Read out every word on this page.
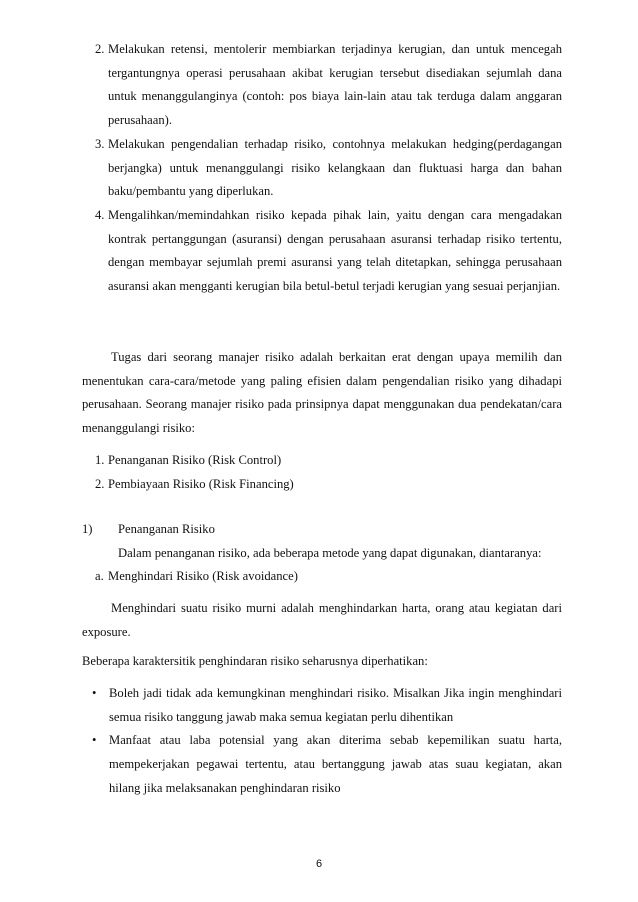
2. Melakukan retensi, mentolerir membiarkan terjadinya kerugian, dan untuk mencegah tergantungnya operasi perusahaan akibat kerugian tersebut disediakan sejumlah dana untuk menanggulanginya (contoh: pos biaya lain-lain atau tak terduga dalam anggaran perusahaan).
3. Melakukan pengendalian terhadap risiko, contohnya melakukan hedging(perdagangan berjangka) untuk menanggulangi risiko kelangkaan dan fluktuasi harga dan bahan baku/pembantu yang diperlukan.
4. Mengalihkan/memindahkan risiko kepada pihak lain, yaitu dengan cara mengadakan kontrak pertanggungan (asuransi) dengan perusahaan asuransi terhadap risiko tertentu, dengan membayar sejumlah premi asuransi yang telah ditetapkan, sehingga perusahaan asuransi akan mengganti kerugian bila betul-betul terjadi kerugian yang sesuai perjanjian.

Tugas dari seorang manajer risiko adalah berkaitan erat dengan upaya memilih dan menentukan cara-cara/metode yang paling efisien dalam pengendalian risiko yang dihadapi perusahaan. Seorang manajer risiko pada prinsipnya dapat menggunakan dua pendekatan/cara menanggulangi risiko:

1. Penanganan Risiko (Risk Control)
2. Pembiayaan Risiko (Risk Financing)
1) Penanganan Risiko
Dalam penanganan risiko, ada beberapa metode yang dapat digunakan, diantaranya:
a. Menghindari Risiko (Risk avoidance)

Menghindari suatu risiko murni adalah menghindarkan harta, orang atau kegiatan dari exposure.

Beberapa karaktersitik penghindaran risiko seharusnya diperhatikan:

• Boleh jadi tidak ada kemungkinan menghindari risiko. Misalkan Jika ingin menghindari semua risiko tanggung jawab maka semua kegiatan perlu dihentikan
• Manfaat atau laba potensial yang akan diterima sebab kepemilikan suatu harta, mempekerjakan pegawai tertentu, atau bertanggung jawab atas suau kegiatan, akan hilang jika melaksanakan penghindaran risiko
6
